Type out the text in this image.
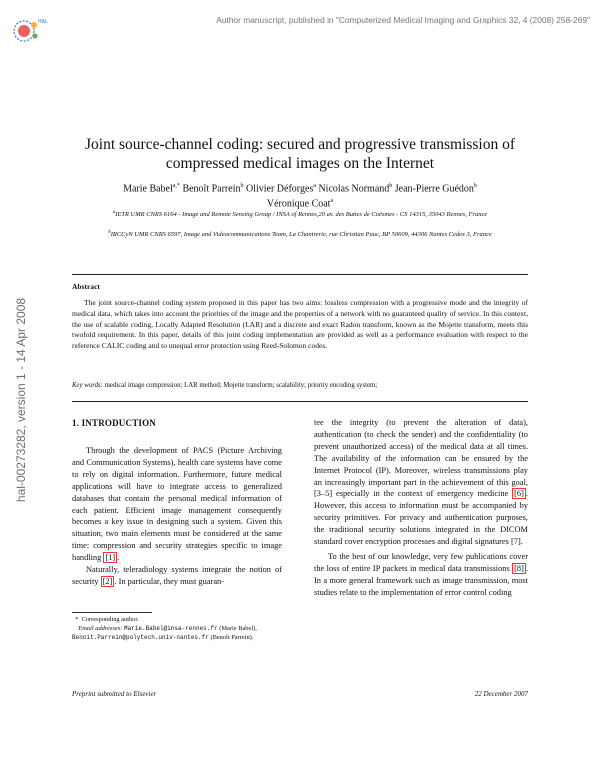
HAL	Author manuscript, published in "Computerized Medical Imaging and Graphics 32, 4 (2008) 258-269"
hal-00273282, version 1 - 14 Apr 2008
Joint source-channel coding: secured and progressive transmission of
compressed medical images on the Internet
Marie Babel$^{a,*}$ Benoît Parrein$^b$ Olivier Déforges$^a$ Nicolas Normand$^b$ Jean-Pierre Guédon$^b$
Véronique Coat$^a$
$^a$IETR UMR CNRS 6164 - Image and Remote Sensing Group / INSA of Rennes,20 av. des Buttes de Coësmes - CS 14315, 35043 Rennes, France
$^b$IRCCyN UMR CNRS 6597, Image and Videocommunications Team, La Chantrerie, rue Christian Pauc, BP 50609, 44306 Nantes Cedex 3, France
Abstract
The joint source-channel coding system proposed in this paper has two aims: lossless compression with a progressive mode and the integrity of medical data, which takes into account the priorities of the image and the properties of a network with no guaranteed quality of service. In this context, the use of scalable coding, Locally Adapted Resolution (LAR) and a discrete and exact Radon transform, known as the Mojette transform, meets this twofold requirement. In this paper, details of this joint coding implementation are provided as well as a performance evaluation with respect to the reference CALIC coding and to unequal error protection using Reed-Solomon codes.
Key words: medical image compression; LAR method; Mojette transform; scalability; priority encoding system;
1. INTRODUCTION

Through the development of PACS (Picture Archiving and Communication Systems), health care systems have come to rely on digital information. Furthermore, future medical applications will have to integrate access to generalized databases that contain the personal medical information of each patient. Efficient image management consequently becomes a key issue in designing such a system. Given this situation, two main elements must be considered at the same time: compression and security strategies specific to image handling [1] .

Naturally, teleradiology systems integrate the notion of security [2] . In particular, they must guaran-

*  Corresponding author.
Email addresses: Marie.Babel@insa-rennes.fr (Marie Babel), Benoit.Parrein@polytech.univ-nantes.fr (Benoît Parrein).

tee the integrity (to prevent the alteration of data), authentication (to check the sender) and the confidentiality (to prevent unauthorized access) of the medical data at all times. The availability of the information can be ensured by the Internet Protocol (IP). Moreover, wireless transmissions play an increasingly important part in the achievement of this goal, [3–5] especially in the context of emergency medicine [6] . However, this access to information must be accompanied by security primitives. For privacy and authentication purposes, the traditional security solutions integrated in the DICOM standard cover encryption processes and digital signatures [7].

To the best of our knowledge, very few publications cover the loss of entire IP packets in medical data transmissions [8] . In a more general framework such as image transmission, most studies relate to the implementation of error control coding

Preprint submitted to Elsevier	22 December 2007
